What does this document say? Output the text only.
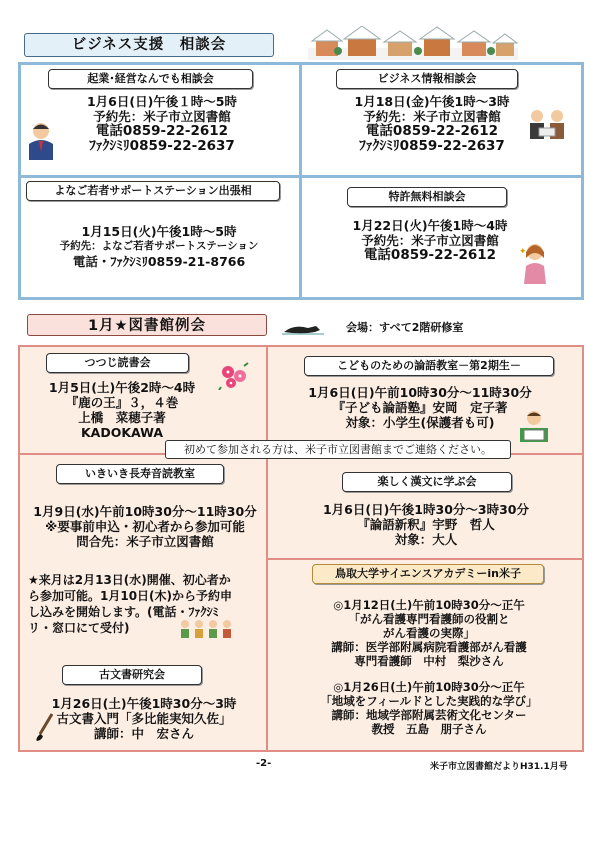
ビジネス支援　相談会
起業･経営なんでも相談会
1月6日(日)午後１時～5時
予約先：米子市立図書館
電話0859-22-2612
ﾌｧｸｼﾐﾘ0859-22-2637
ビジネス情報相談会
1月18日(金)午後1時～3時
予約先：米子市立図書館
電話0859-22-2612
ﾌｧｸｼﾐﾘ0859-22-2637
よなご若者サポートステーション出張相
1月15日(火)午後1時～5時
予約先：よなご若者サポートステーション
電話・ﾌｧｸｼﾐﾘ0859-21-8766
特許無料相談会
1月22日(火)午後1時～4時
予約先：米子市立図書館
電話0859-22-2612	✦
1月★図書館例会	会場：すべて2階研修室
つつじ読書会
1月5日(土)午後2時～4時
『鹿の王』３，４巻
上橋　菜穂子著
KADOKAWA
こどものための論語教室－第2期生－
1月6日(日)午前10時30分～11時30分
『子ども論語塾』安岡　定子著
対象：小学生(保護者も可)
初めて参加される方は、米子市立図書館までご連絡ください。
いきいき長寿音読教室
1月9日(水)午前10時30分～11時30分
※要事前申込・初心者から参加可能
問合先：米子市立図書館
★来月は2月13日(水)開催、初心者か
ら参加可能。1月10日(木)から予約申
し込みを開始します。(電話・ﾌｧｸｼﾐ
リ・窓口にて受付)
古文書研究会
1月26日(土)午後1時30分～3時
古文書入門「多比能実知久佐」
講師：中　宏さん
楽しく漢文に学ぶ会
1月6日(日)午後1時30分～3時30分
『論語新釈』宇野　哲人
対象：大人
鳥取大学サイエンスアカデミーin米子
◎1月12日(土)午前10時30分～正午
「がん看護専門看護師の役割と
がん看護の実際」
講師：医学部附属病院看護部がん看護
専門看護師　中村　梨沙さん
◎1月26日(土)午前10時30分～正午
「地域をフィールドとした実践的な学び」
講師：地域学部附属芸術文化センター
教授　五島　朋子さん
-2-	米子市立図書館だよりH31.1月号
